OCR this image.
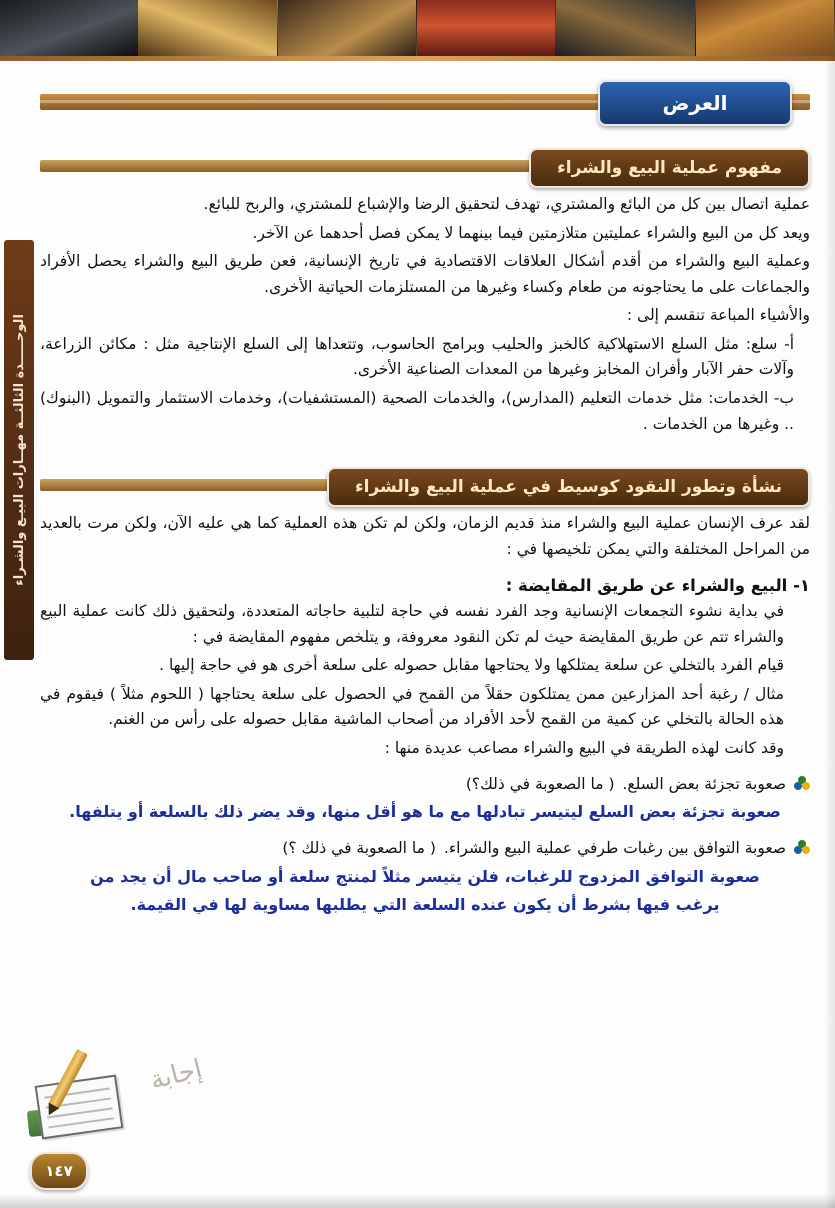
الوحـــــدة الثالثــة مهــارات البيـع والشـراء
العرض
مفهوم عملية البيع والشراء

عملية اتصال بين كل من البائع والمشتري، تهدف لتحقيق الرضا والإشباع للمشتري، والربح للبائع.

ويعد كل من البيع والشراء عمليتين متلازمتين فيما بينهما لا يمكن فصل أحدهما عن الآخر.

وعملية البيع والشراء من أقدم أشكال العلاقات الاقتصادية في تاريخ الإنسانية، فعن طريق البيع والشراء يحصل الأفراد والجماعات على ما يحتاجونه من طعام وكساء وغيرها من المستلزمات الحياتية الأخرى.

والأشياء المباعة تنقسم إلى :

أ‍- سلع: مثل السلع الاستهلاكية كالخبز والحليب وبرامج الحاسوب، وتتعداها إلى السلع الإنتاجية مثل : مكائن الزراعة، وآلات حفر الآبار وأفران المخابز وغيرها من المعدات الصناعية الأخرى.

ب- الخدمات: مثل خدمات التعليم (المدارس)، والخدمات الصحية (المستشفيات)، وخدمات الاستثمار والتمويل (البنوك) .. وغيرها من الخدمات .

نشأة وتطور النقود كوسيط في عملية البيع والشراء

لقد عرف الإنسان عملية البيع والشراء منذ قديم الزمان، ولكن لم تكن هذه العملية كما هي عليه الآن، ولكن مرت بالعديد من المراحل المختلفة والتي يمكن تلخيصها في :

١- البيع والشراء عن طريق المقايضة :

في بداية نشوء التجمعات الإنسانية وجد الفرد نفسه في حاجة لتلبية حاجاته المتعددة، ولتحقيق ذلك كانت عملية البيع والشراء تتم عن طريق المقايضة حيث لم تكن النقود معروفة، و يتلخص مفهوم المقايضة في :

قيام الفرد بالتخلي عن سلعة يمتلكها ولا يحتاجها مقابل حصوله على سلعة أخرى هو في حاجة إليها .

مثال / رغبة أحد المزارعين ممن يمتلكون حقلاً من القمح في الحصول على سلعة يحتاجها ( اللحوم مثلاً ) فيقوم في هذه الحالة بالتخلي عن كمية من القمح لأحد الأفراد من أصحاب الماشية مقابل حصوله على رأس من الغنم.

وقد كانت لهذه الطريقة في البيع والشراء مصاعب عديدة منها :

صعوبة تجزئة بعض السلع.
( ما الصعوبة في ذلك؟)
صعوبة تجزئة بعض السلع ليتيسر تبادلها مع ما هو أقل منها، وقد يضر ذلك بالسلعة أو يتلفها.
صعوبة التوافق بين رغبات طرفي عملية البيع والشراء.
( ما الصعوبة في ذلك ؟)
صعوبة التوافق المزدوج للرغبات، فلن يتيسر مثلاً لمنتج سلعة أو صاحب مال أن يجد من يرغب فيها بشرط أن يكون عنده السلعة التي يطلبها مساوية لها في القيمة.
إجابة
١٤٧
